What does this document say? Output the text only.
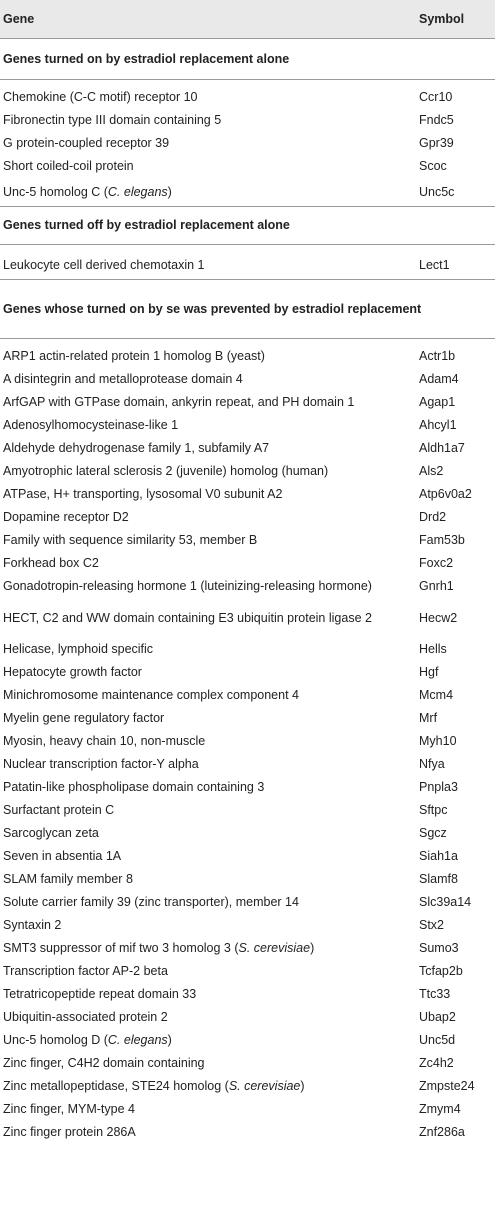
Gene	Symbol
Genes turned on by estradiol replacement alone	

Chemokine (C-C motif) receptor 10	Ccr10
Fibronectin type III domain containing 5	Fndc5
G protein-coupled receptor 39	Gpr39
Short coiled-coil protein	Scoc
Unc-5 homolog C (C. elegans)	Unc5c
Genes turned off by estradiol replacement alone	

Leukocyte cell derived chemotaxin 1	Lect1
Genes whose turned on by se was prevented by estradiol replacement	

ARP1 actin-related protein 1 homolog B (yeast)	Actr1b
A disintegrin and metalloprotease domain 4	Adam4
ArfGAP with GTPase domain, ankyrin repeat, and PH domain 1	Agap1
Adenosylhomocysteinase-like 1	Ahcyl1
Aldehyde dehydrogenase family 1, subfamily A7	Aldh1a7
Amyotrophic lateral sclerosis 2 (juvenile) homolog (human)	Als2
ATPase, H+ transporting, lysosomal V0 subunit A2	Atp6v0a2
Dopamine receptor D2	Drd2
Family with sequence similarity 53, member B	Fam53b
Forkhead box C2	Foxc2
Gonadotropin-releasing hormone 1 (luteinizing-releasing hormone)	Gnrh1
HECT, C2 and WW domain containing E3 ubiquitin protein ligase 2	Hecw2
Helicase, lymphoid specific	Hells
Hepatocyte growth factor	Hgf
Minichromosome maintenance complex component 4	Mcm4
Myelin gene regulatory factor	Mrf
Myosin, heavy chain 10, non-muscle	Myh10
Nuclear transcription factor-Y alpha	Nfya
Patatin-like phospholipase domain containing 3	Pnpla3
Surfactant protein C	Sftpc
Sarcoglycan zeta	Sgcz
Seven in absentia 1A	Siah1a
SLAM family member 8	Slamf8
Solute carrier family 39 (zinc transporter), member 14	Slc39a14
Syntaxin 2	Stx2
SMT3 suppressor of mif two 3 homolog 3 (S. cerevisiae)	Sumo3
Transcription factor AP-2 beta	Tcfap2b
Tetratricopeptide repeat domain 33	Ttc33
Ubiquitin-associated protein 2	Ubap2
Unc-5 homolog D (C. elegans)	Unc5d
Zinc finger, C4H2 domain containing	Zc4h2
Zinc metallopeptidase, STE24 homolog (S. cerevisiae)	Zmpste24
Zinc finger, MYM-type 4	Zmym4
Zinc finger protein 286A	Znf286a
